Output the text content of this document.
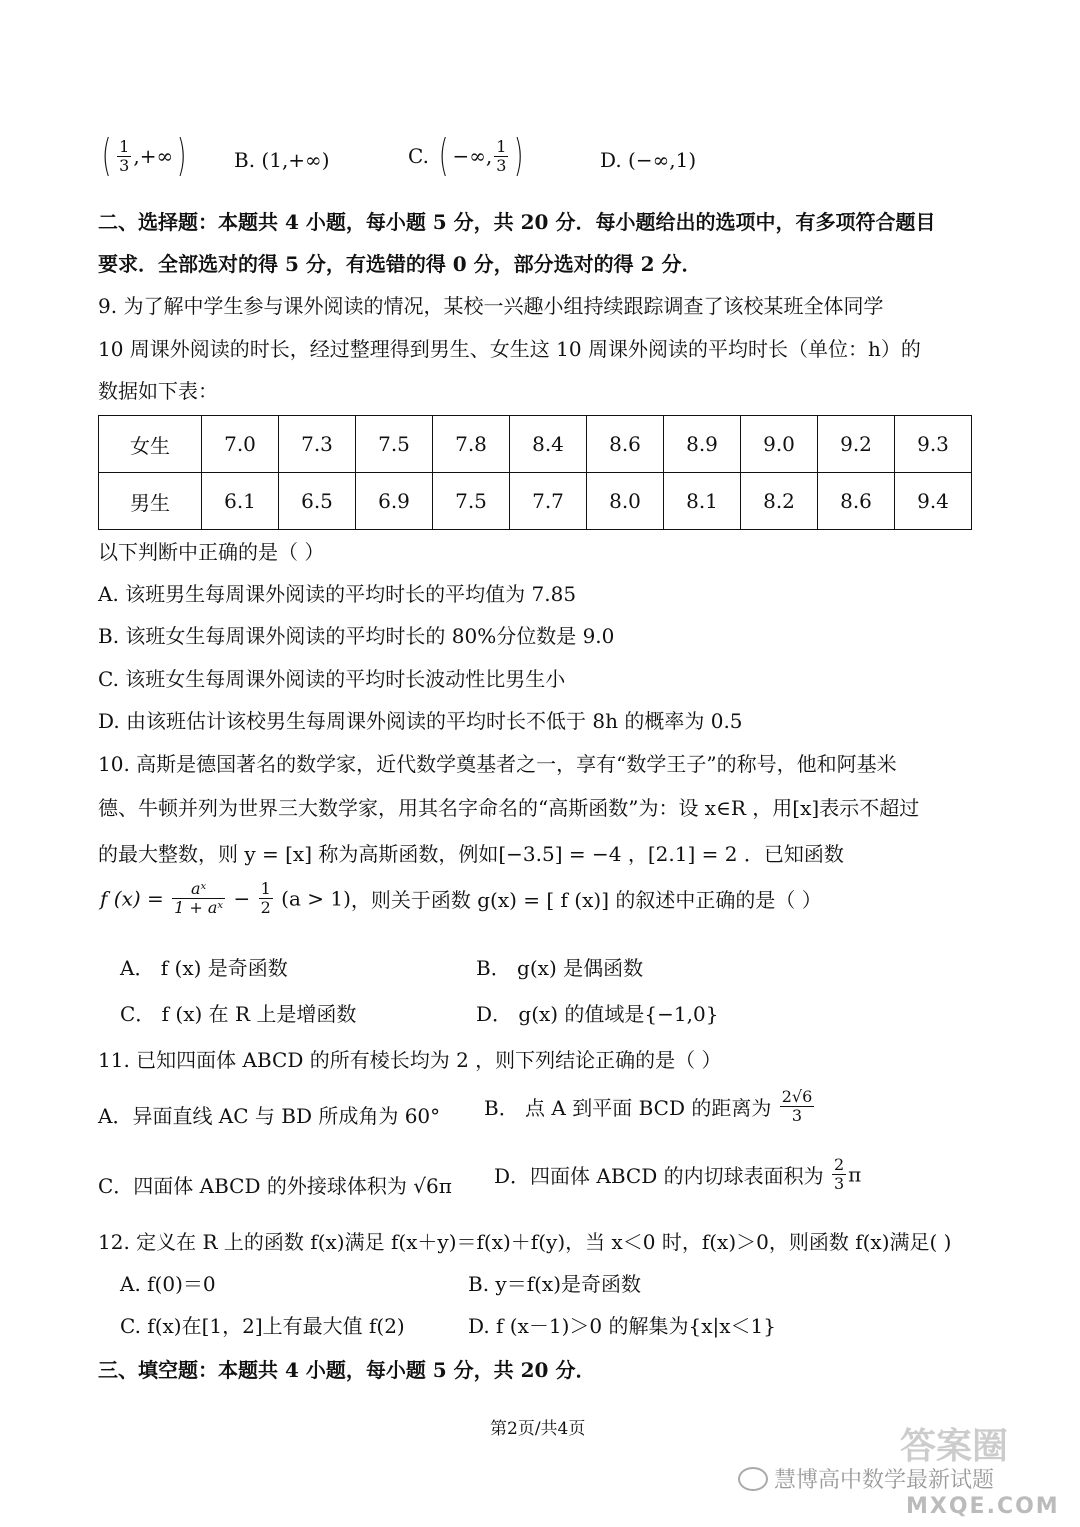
( $\frac{1}{3}$ ,+∞) B. (1,+∞)	C. ( −∞, $\frac{1}{3}$ )	D. (−∞,1)
二、选择题：本题共 4 小题，每小题 5 分，共 20 分．每小题给出的选项中，有多项符合题目
要求．全部选对的得 5 分，有选错的得 0 分，部分选对的得 2 分．
9. 为了解中学生参与课外阅读的情况，某校一兴趣小组持续跟踪调查了该校某班全体同学
10 周课外阅读的时长，经过整理得到男生、女生这 10 周课外阅读的平均时长（单位：h）的
数据如下表：
女生	7.0	7.3	7.5	7.8	8.4	8.6	8.9	9.0	9.2	9.3
男生	6.1	6.5	6.9	7.5	7.7	8.0	8.1	8.2	8.6	9.4
以下判断中正确的是（ ）
A. 该班男生每周课外阅读的平均时长的平均值为 7.85
B. 该班女生每周课外阅读的平均时长的 80%分位数是 9.0
C. 该班女生每周课外阅读的平均时长波动性比男生小
D. 由该班估计该校男生每周课外阅读的平均时长不低于 8h 的概率为 0.5
10. 高斯是德国著名的数学家，近代数学奠基者之一，享有“数学王子”的称号，他和阿基米
德、牛顿并列为世界三大数学家，用其名字命名的“高斯函数”为：设 x∈R ，用[x]表示不超过
的最大整数，则 y = [x] 称为高斯函数，例如[−3.5] = −4 ，[2.1] = 2 ．已知函数
f $(x) = \frac{\text{aˣ}}{\text{1 + aˣ}} - \frac{1}{2} (a > 1)$，则关于函数 g(x) = [ f (x)] 的叙述中正确的是（ ）
A． f (x) 是奇函数	B． g(x) 是偶函数
C． f (x) 在 R 上是增函数	D． g(x) 的值域是{−1,0}
11. 已知四面体 ABCD 的所有棱长均为 2 ，则下列结论正确的是（ ）
A．异面直线 AC 与 BD 所成角为 60° B． 点 A 到平面 BCD 的距离为 $\frac{2√6}{3}$
C．四面体 ABCD 的外接球体积为 √6π D．四面体 ABCD 的内切球表面积为 $\frac{2}{3}$ π
12. 定义在 R 上的函数 f(x)满足 f(x＋y)＝f(x)＋f(y)，当 x＜0 时，f(x)＞0，则函数 f(x)满足( )
A. f(0)＝0	B. y＝f(x)是奇函数
C. f(x)在[1，2]上有最大值 f(2)	D. f (x－1)＞0 的解集为{x|x＜1}
三、填空题：本题共 4 小题，每小题 5 分，共 20 分．
第2页/共4页
慧博高中数学最新试题
答案圈
MXQE.COM
